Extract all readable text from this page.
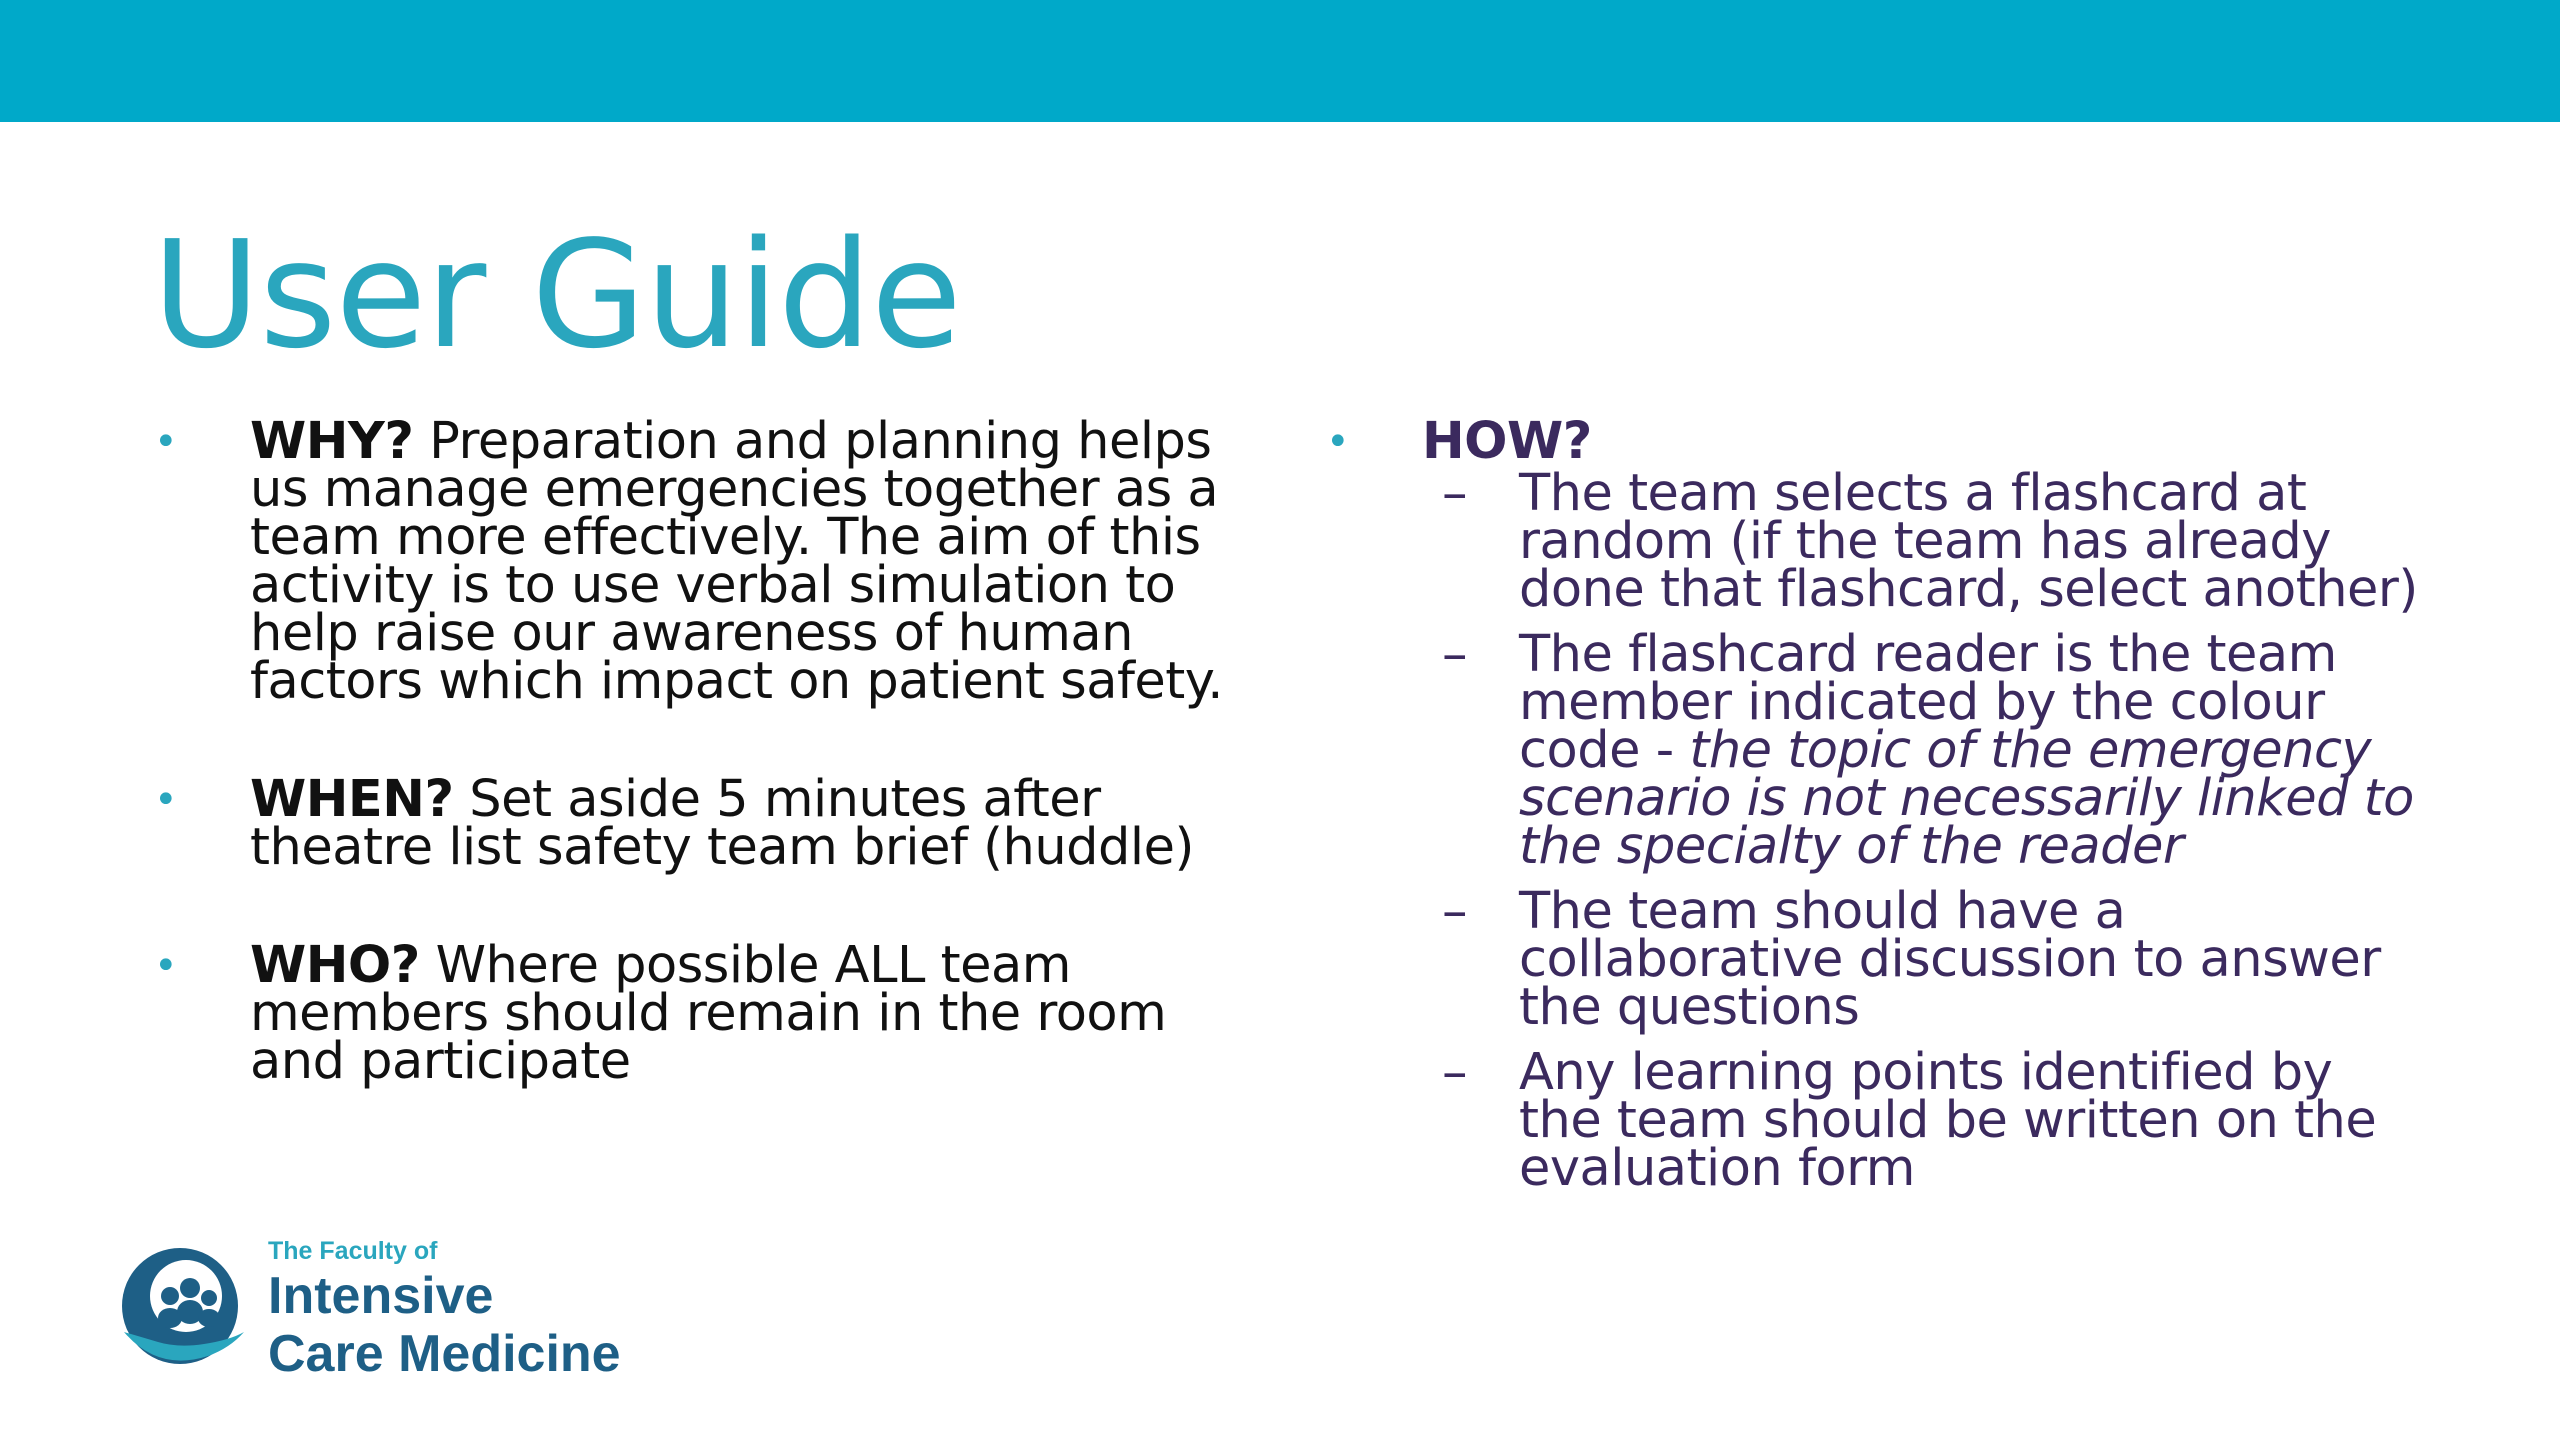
User Guide
• WHY? Preparation and planning helps us manage emergencies together as a team more effectively. The aim of this activity is to use verbal simulation to help raise our awareness of human factors which impact on patient safety.
• WHEN? Set aside 5 minutes after theatre list safety team brief (huddle)
• WHO? Where possible ALL team members should remain in the room and participate
• HOW?
– The team selects a flashcard at random (if the team has already done that flashcard, select another)
– The flashcard reader is the team member indicated by the colour code - the topic of the emergency scenario is not necessarily linked to the specialty of the reader
– The team should have a collaborative discussion to answer the questions
– Any learning points identified by the team should be written on the evaluation form
The Faculty of
Intensive
Care Medicine
